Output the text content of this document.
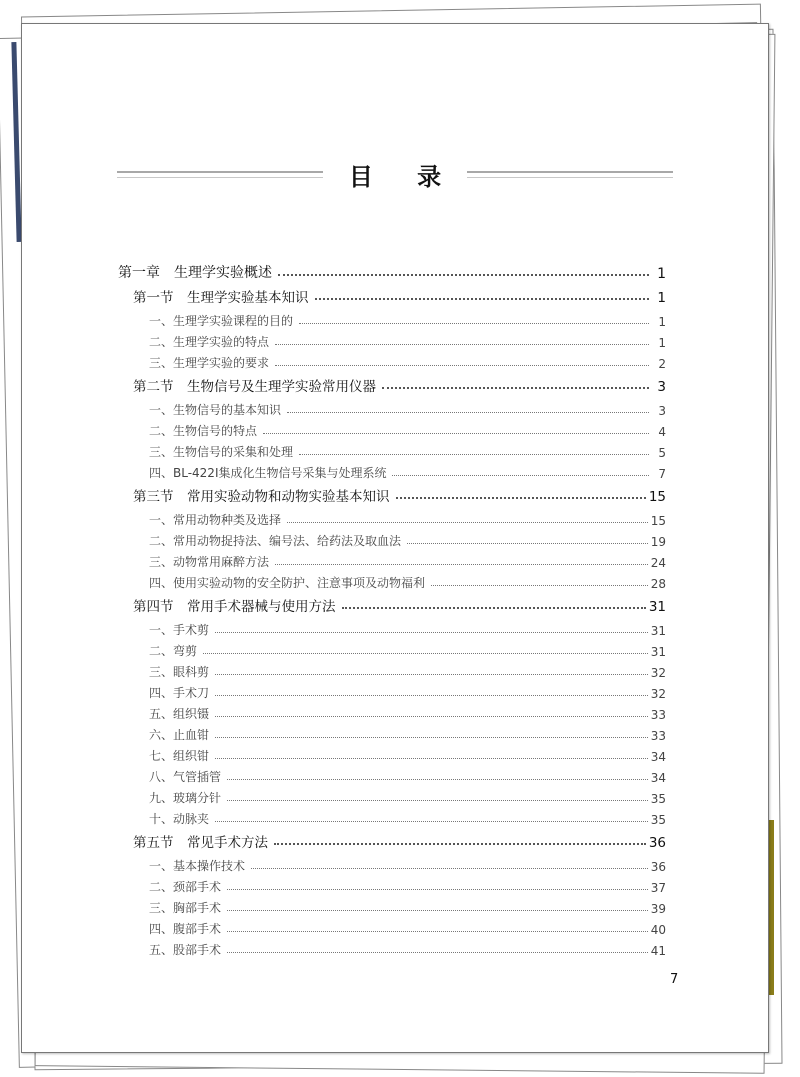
目 录
第一章　生理学实验概述	1
第一节　生理学实验基本知识	1
一、生理学实验课程的目的	1
二、生理学实验的特点	1
三、生理学实验的要求	2
第二节　生物信号及生理学实验常用仪器	3
一、生物信号的基本知识	3
二、生物信号的特点	4
三、生物信号的采集和处理	5
四、BL-422I集成化生物信号采集与处理系统	7
第三节　常用实验动物和动物实验基本知识	15
一、常用动物种类及选择	15
二、常用动物捉持法、编号法、给药法及取血法	19
三、动物常用麻醉方法	24
四、使用实验动物的安全防护、注意事项及动物福利	28
第四节　常用手术器械与使用方法	31
一、手术剪	31
二、弯剪	31
三、眼科剪	32
四、手术刀	32
五、组织镊	33
六、止血钳	33
七、组织钳	34
八、气管插管	34
九、玻璃分针	35
十、动脉夹	35
第五节　常见手术方法	36
一、基本操作技术	36
二、颈部手术	37
三、胸部手术	39
四、腹部手术	40
五、股部手术	41
7
